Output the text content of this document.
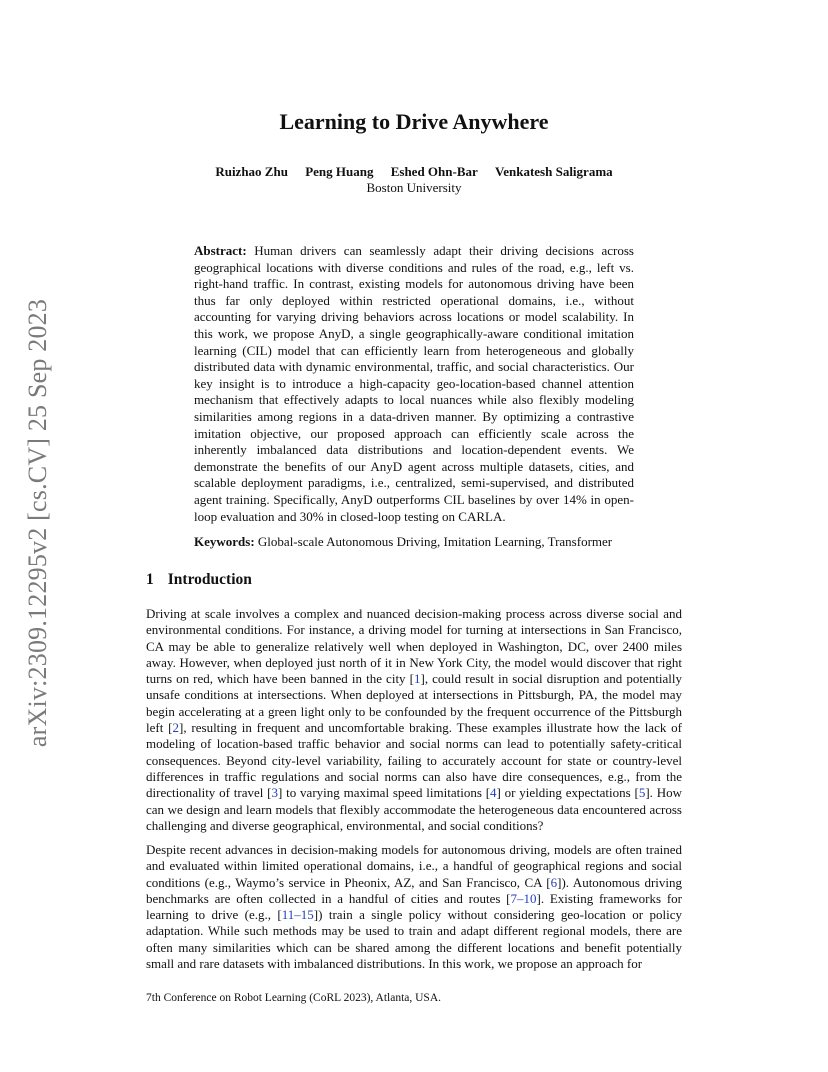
arXiv:2309.12295v2 [cs.CV] 25 Sep 2023
Learning to Drive Anywhere
Ruizhao Zhu Peng Huang Eshed Ohn-Bar Venkatesh Saligrama
Boston University

Abstract: Human drivers can seamlessly adapt their driving decisions across geographical locations with diverse conditions and rules of the road, e.g., left vs. right-hand traffic. In contrast, existing models for autonomous driving have been thus far only deployed within restricted operational domains, i.e., without accounting for varying driving behaviors across locations or model scalability. In this work, we propose AnyD, a single geographically-aware conditional imitation learning (CIL) model that can efficiently learn from heterogeneous and globally distributed data with dynamic environmental, traffic, and social characteristics. Our key insight is to introduce a high-capacity geo-location-based channel attention mechanism that effectively adapts to local nuances while also flexibly modeling similarities among regions in a data-driven manner. By optimizing a contrastive imitation objective, our proposed approach can efficiently scale across the inherently imbalanced data distributions and location-dependent events. We demonstrate the benefits of our AnyD agent across multiple datasets, cities, and scalable deployment paradigms, i.e., centralized, semi-supervised, and distributed agent training. Specifically, AnyD outperforms CIL baselines by over 14% in open-loop evaluation and 30% in closed-loop testing on CARLA.

Keywords: Global-scale Autonomous Driving, Imitation Learning, Transformer

1 Introduction

Driving at scale involves a complex and nuanced decision-making process across diverse social and environmental conditions. For instance, a driving model for turning at intersections in San Francisco, CA may be able to generalize relatively well when deployed in Washington, DC, over 2400 miles away. However, when deployed just north of it in New York City, the model would discover that right turns on red, which have been banned in the city [1], could result in social disruption and potentially unsafe conditions at intersections. When deployed at intersections in Pittsburgh, PA, the model may begin accelerating at a green light only to be confounded by the frequent occurrence of the Pittsburgh left [2], resulting in frequent and uncomfortable braking. These examples illustrate how the lack of modeling of location-based traffic behavior and social norms can lead to potentially safety-critical consequences. Beyond city-level variability, failing to accurately account for state or country-level differences in traffic regulations and social norms can also have dire consequences, e.g., from the directionality of travel [3] to varying maximal speed limitations [4] or yielding expectations [5]. How can we design and learn models that flexibly accommodate the heterogeneous data encountered across challenging and diverse geographical, environmental, and social conditions?

Despite recent advances in decision-making models for autonomous driving, models are often trained and evaluated within limited operational domains, i.e., a handful of geographical regions and social conditions (e.g., Waymo’s service in Pheonix, AZ, and San Francisco, CA [6]). Autonomous driving benchmarks are often collected in a handful of cities and routes [7–10]. Existing frameworks for learning to drive (e.g., [11–15]) train a single policy without considering geo-location or policy adaptation. While such methods may be used to train and adapt different regional models, there are often many similarities which can be shared among the different locations and benefit potentially small and rare datasets with imbalanced distributions. In this work, we propose an approach for

7th Conference on Robot Learning (CoRL 2023), Atlanta, USA.
